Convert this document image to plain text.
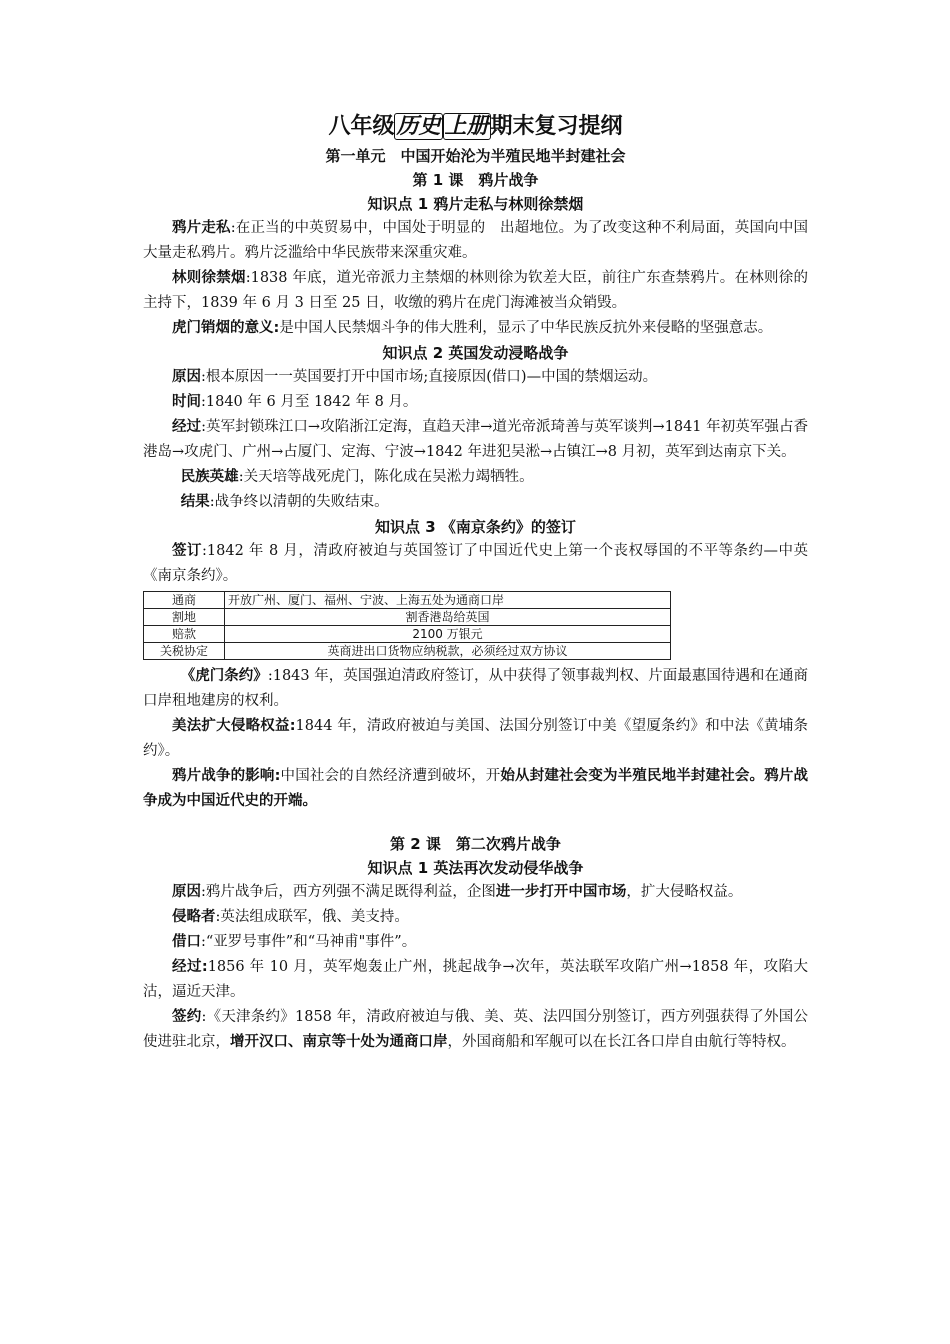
八年级历史 上册期末复习提纲
第一单元　中国开始沦为半殖民地半封建社会
第 1 课　鸦片战争
知识点 1 鸦片走私与林则徐禁烟

鸦片走私:在正当的中英贸易中，中国处于明显的　出超地位。为了改变这种不利局面，英国向中国大量走私鸦片。鸦片泛滥给中华民族带来深重灾难。

林则徐禁烟:1838 年底，道光帝派力主禁烟的林则徐为钦差大臣，前往广东查禁鸦片。在林则徐的主持下，1839 年 6 月 3 日至 25 日，收缴的鸦片在虎门海滩被当众销毁。

虎门销烟的意义:是中国人民禁烟斗争的伟大胜利，显示了中华民族反抗外来侵略的坚强意志。

知识点 2 英国发动浸略战争

原因:根本原因一一英国要打开中国市场;直接原因(借口)—中国的禁烟运动。

时间:1840 年 6 月至 1842 年 8 月。

经过:英军封锁珠江口→攻陷浙江定海，直趋天津→道光帝派琦善与英军谈判→1841 年初英军强占香港岛→攻虎门、广州→占厦门、定海、宁波→1842 年进犯吴淞→占镇江→8 月初，英军到达南京下关。

民族英雄:关天培等战死虎门，陈化成在吴淞力竭牺牲。

结果:战争终以清朝的失败结束。

知识点 3 《南京条约》的签订

签订:1842 年 8 月，清政府被迫与英国签订了中国近代史上第一个丧权辱国的不平等条约—中英《南京条约》。

通商	开放广州、厦门、福州、宁波、上海五处为通商口岸
割地	割香港岛给英国
赔款	2100 万银元
关税协定	英商进出口货物应纳税款，必须经过双方协议

《虎门条约》:1843 年，英国强迫清政府签订，从中获得了领事裁判权、片面最惠国待遇和在通商口岸租地建房的权利。

美法扩大侵略权益:1844 年，清政府被迫与美国、法国分别签订中美《望厦条约》和中法《黄埔条约》。

鸦片战争的影响:中国社会的自然经济遭到破坏，开始从封建社会变为半殖民地半封建社会。鸦片战争成为中国近代史的开端。

第 2 课　第二次鸦片战争
知识点 1 英法再次发动侵华战争

原因:鸦片战争后，西方列强不满足既得利益，企图进一步打开中国市场，扩大侵略权益。

侵略者:英法组成联军，俄、美支持。

借口:“亚罗号事件”和“马神甫"事件”。

经过:1856 年 10 月，英军炮轰止广州，挑起战争→次年，英法联军攻陷广州→1858 年，攻陷大沽，逼近天津。

签约:《天津条约》1858 年，清政府被迫与俄、美、英、法四国分别签订，西方列强获得了外国公使进驻北京，增开汉口、南京等十处为通商口岸，外国商船和军舰可以在长江各口岸自由航行等特权。
